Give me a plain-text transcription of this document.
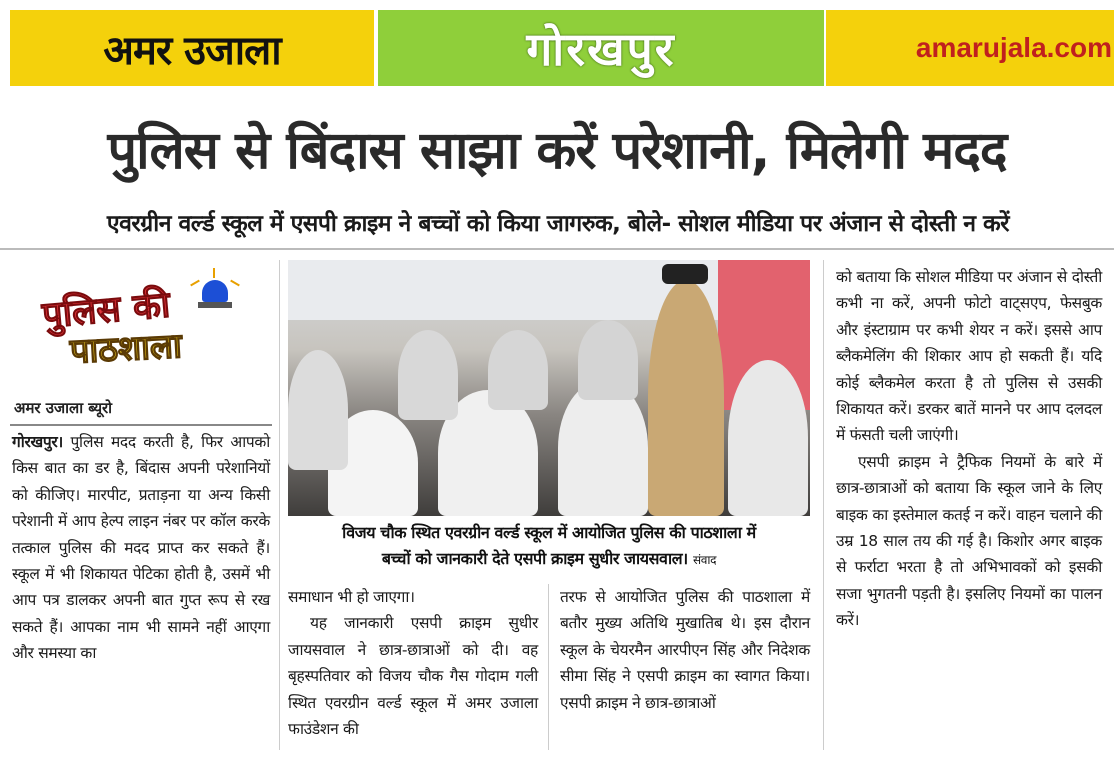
अमर उजाला	गोरखपुर	amarujala.com
पुलिस से बिंदास साझा करें परेशानी, मिलेगी मदद
एवरग्रीन वर्ल्ड स्कूल में एसपी क्राइम ने बच्चों को किया जागरुक, बोले- सोशल मीडिया पर अंजान से दोस्ती न करें
पुलिस की
पाठशाला
अमर उजाला ब्यूरो

गोरखपुर। पुलिस मदद करती है, फिर आपको किस बात का डर है, बिंदास अपनी परेशानियों को कीजिए। मारपीट, प्रताड़ना या अन्य किसी परेशानी में आप हेल्प लाइन नंबर पर कॉल करके तत्काल पुलिस की मदद प्राप्त कर सकते हैं। स्कूल में भी शिकायत पेटिका होती है, उसमें भी आप पत्र डालकर अपनी बात गुप्त रूप से रख सकते हैं। आपका नाम भी सामने नहीं आएगा और समस्या का

विजय चौक स्थित एवरग्रीन वर्ल्ड स्कूल में आयोजित पुलिस की पाठशाला में
बच्चों को जानकारी देते एसपी क्राइम सुधीर जायसवाल। संवाद

समाधान भी हो जाएगा।

यह जानकारी एसपी क्राइम सुधीर जायसवाल ने छात्र-छात्राओं को दी। वह बृहस्पतिवार को विजय चौक गैस गोदाम गली स्थित एवरग्रीन वर्ल्ड स्कूल में अमर उजाला फाउंडेशन की

तरफ से आयोजित पुलिस की पाठशाला में बतौर मुख्य अतिथि मुखातिब थे। इस दौरान स्कूल के चेयरमैन आरपीएन सिंह और निदेशक सीमा सिंह ने एसपी क्राइम का स्वागत किया। एसपी क्राइम ने छात्र-छात्राओं

को बताया कि सोशल मीडिया पर अंजान से दोस्ती कभी ना करें, अपनी फोटो वाट्सएप, फेसबुक और इंस्टाग्राम पर कभी शेयर न करें। इससे आप ब्लैकमेलिंग की शिकार आप हो सकती हैं। यदि कोई ब्लैकमेल करता है तो पुलिस से उसकी शिकायत करें। डरकर बातें मानने पर आप दलदल में फंसती चली जाएंगी।

एसपी क्राइम ने ट्रैफिक नियमों के बारे में छात्र-छात्राओं को बताया कि स्कूल जाने के लिए बाइक का इस्तेमाल कतई न करें। वाहन चलाने की उम्र 18 साल तय की गई है। किशोर अगर बाइक से फर्राटा भरता है तो अभिभावकों को इसकी सजा भुगतनी पड़ती है। इसलिए नियमों का पालन करें।
